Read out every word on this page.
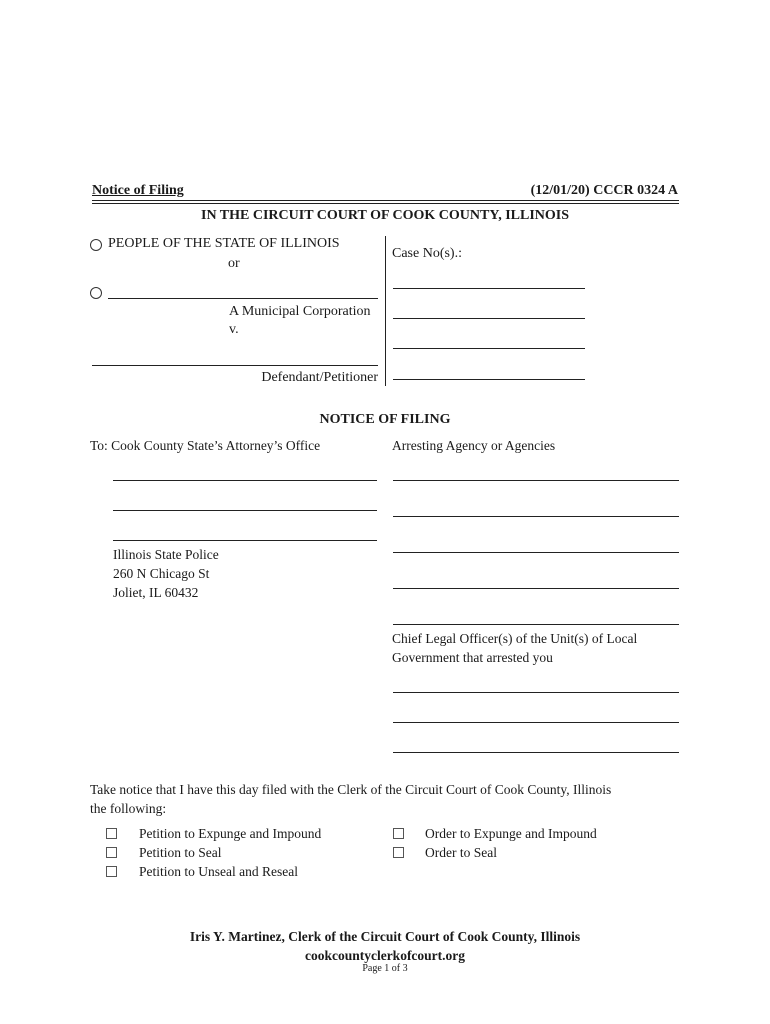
Notice of Filing	(12/01/20) CCCR 0324 A
IN THE CIRCUIT COURT OF COOK COUNTY, ILLINOIS
PEOPLE OF THE STATE OF ILLINOIS
or
A Municipal Corporation
v.
Defendant/Petitioner
Case No(s).:
NOTICE OF FILING
To: Cook County State’s Attorney’s Office	Arresting Agency or Agencies
Illinois State Police
260 N Chicago St
Joliet, IL 60432
Chief Legal Officer(s) of the Unit(s) of Local
Government that arrested you
Take notice that I have this day filed with the Clerk of the Circuit Court of Cook County, Illinois
the following:
Petition to Expunge and Impound
Petition to Seal
Petition to Unseal and Reseal
Order to Expunge and Impound
Order to Seal
Iris Y. Martinez, Clerk of the Circuit Court of Cook County, Illinois
cookcountyclerkofcourt.org
Page 1 of 3
